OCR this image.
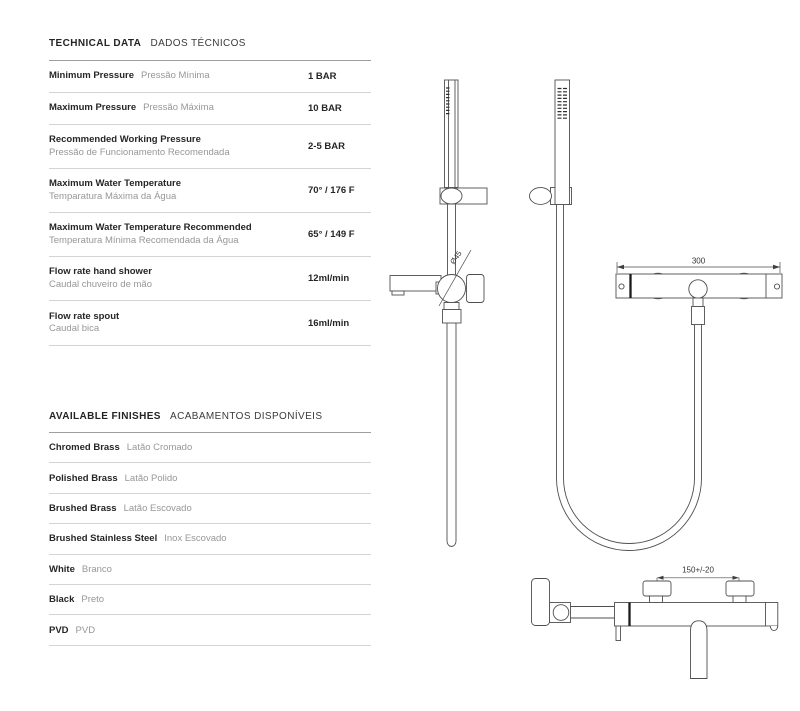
TECHNICAL DATA DADOS TÉCNICOS
Minimum Pressure Pressão Mínima	1 BAR
Maximum Pressure Pressão Máxima	10 BAR
Recommended Working Pressure
Pressão de Funcionamento Recomendada	2-5 BAR
Maximum Water Temperature
Temparatura Máxima da Água	70° / 176 F
Maximum Water Temperature Recommended
Temperatura Mínima Recomendada da Água	65° / 149 F
Flow rate hand shower
Caudal chuveiro de mão	12ml/min
Flow rate spout
Caudal bica	16ml/min
AVAILABLE FINISHES ACABAMENTOS DISPONÍVEIS
Chromed Brass Latão Cromado
Polished Brass Latão Polido
Brushed Brass Latão Escovado
Brushed Stainless Steel Inox Escovado
White Branco
Black Preto
PVD PVD
Ø45	300
150+/-20
